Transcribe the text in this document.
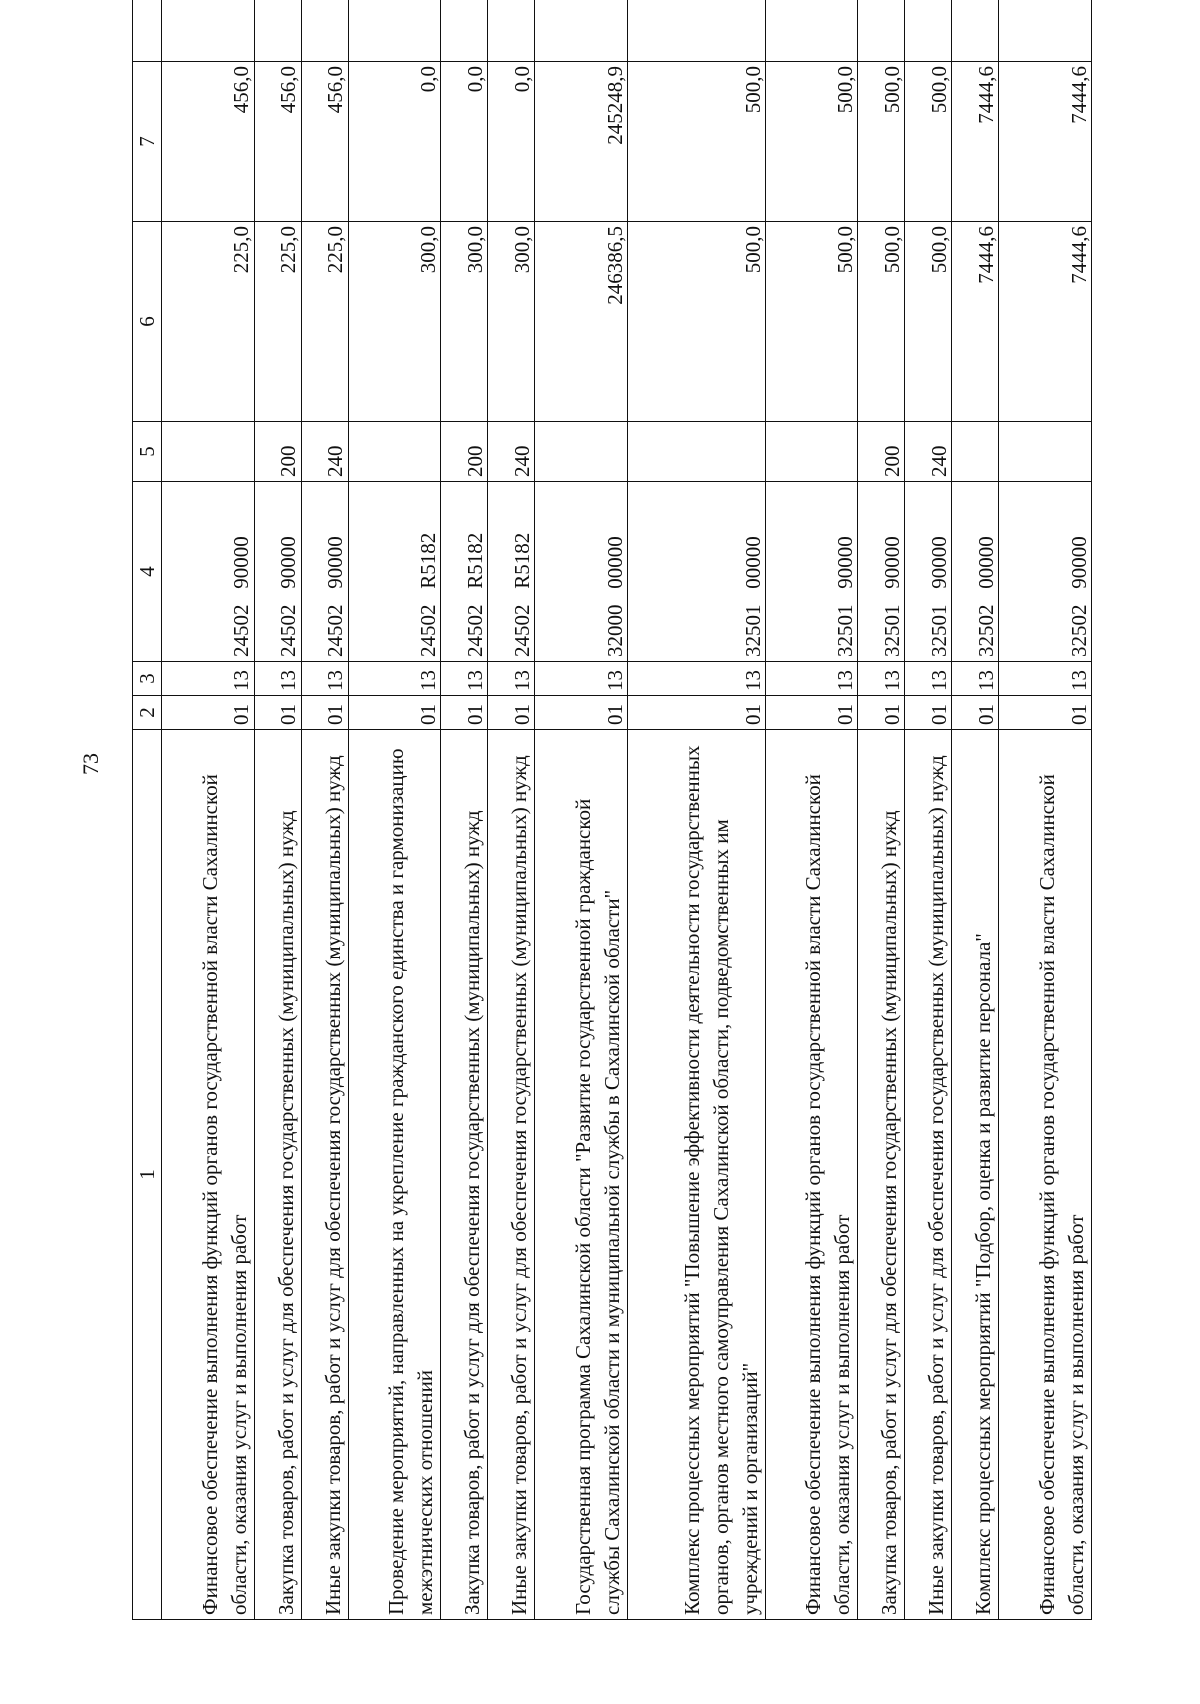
73
1	2	3	4	5	6	7	
Финансовое обеспечение выполнения функций органов государственной власти Сахалинской области, оказания услуг и выполнения работ	01	13	24502   90000		225,0	456,0	
Закупка товаров, работ и услуг для обеспечения государственных (муниципальных) нужд	01	13	24502   90000	200	225,0	456,0	
Иные закупки товаров, работ и услуг для обеспечения государственных (муниципальных) нужд	01	13	24502   90000	240	225,0	456,0	
Проведение мероприятий, направленных на укрепление гражданского единства и гармонизацию межэтнических отношений	01	13	24502   R5182		300,0	0,0	
Закупка товаров, работ и услуг для обеспечения государственных (муниципальных) нужд	01	13	24502   R5182	200	300,0	0,0	
Иные закупки товаров, работ и услуг для обеспечения государственных (муниципальных) нужд	01	13	24502   R5182	240	300,0	0,0	
Государственная программа Сахалинской области "Развитие государственной гражданской службы Сахалинской области и муниципальной службы в Сахалинской области"	01	13	32000   00000		246386,5	245248,9	
Комплекс процессных мероприятий "Повышение эффективности деятельности государственных органов, органов местного самоуправления Сахалинской области, подведомственных им учреждений и организаций"	01	13	32501   00000		500,0	500,0	
Финансовое обеспечение выполнения функций органов государственной власти Сахалинской области, оказания услуг и выполнения работ	01	13	32501   90000		500,0	500,0	
Закупка товаров, работ и услуг для обеспечения государственных (муниципальных) нужд	01	13	32501   90000	200	500,0	500,0	
Иные закупки товаров, работ и услуг для обеспечения государственных (муниципальных) нужд	01	13	32501   90000	240	500,0	500,0	
Комплекс процессных мероприятий "Подбор, оценка и развитие персонала"	01	13	32502   00000		7444,6	7444,6	
Финансовое обеспечение выполнения функций органов государственной власти Сахалинской области, оказания услуг и выполнения работ	01	13	32502   90000		7444,6	7444,6	
